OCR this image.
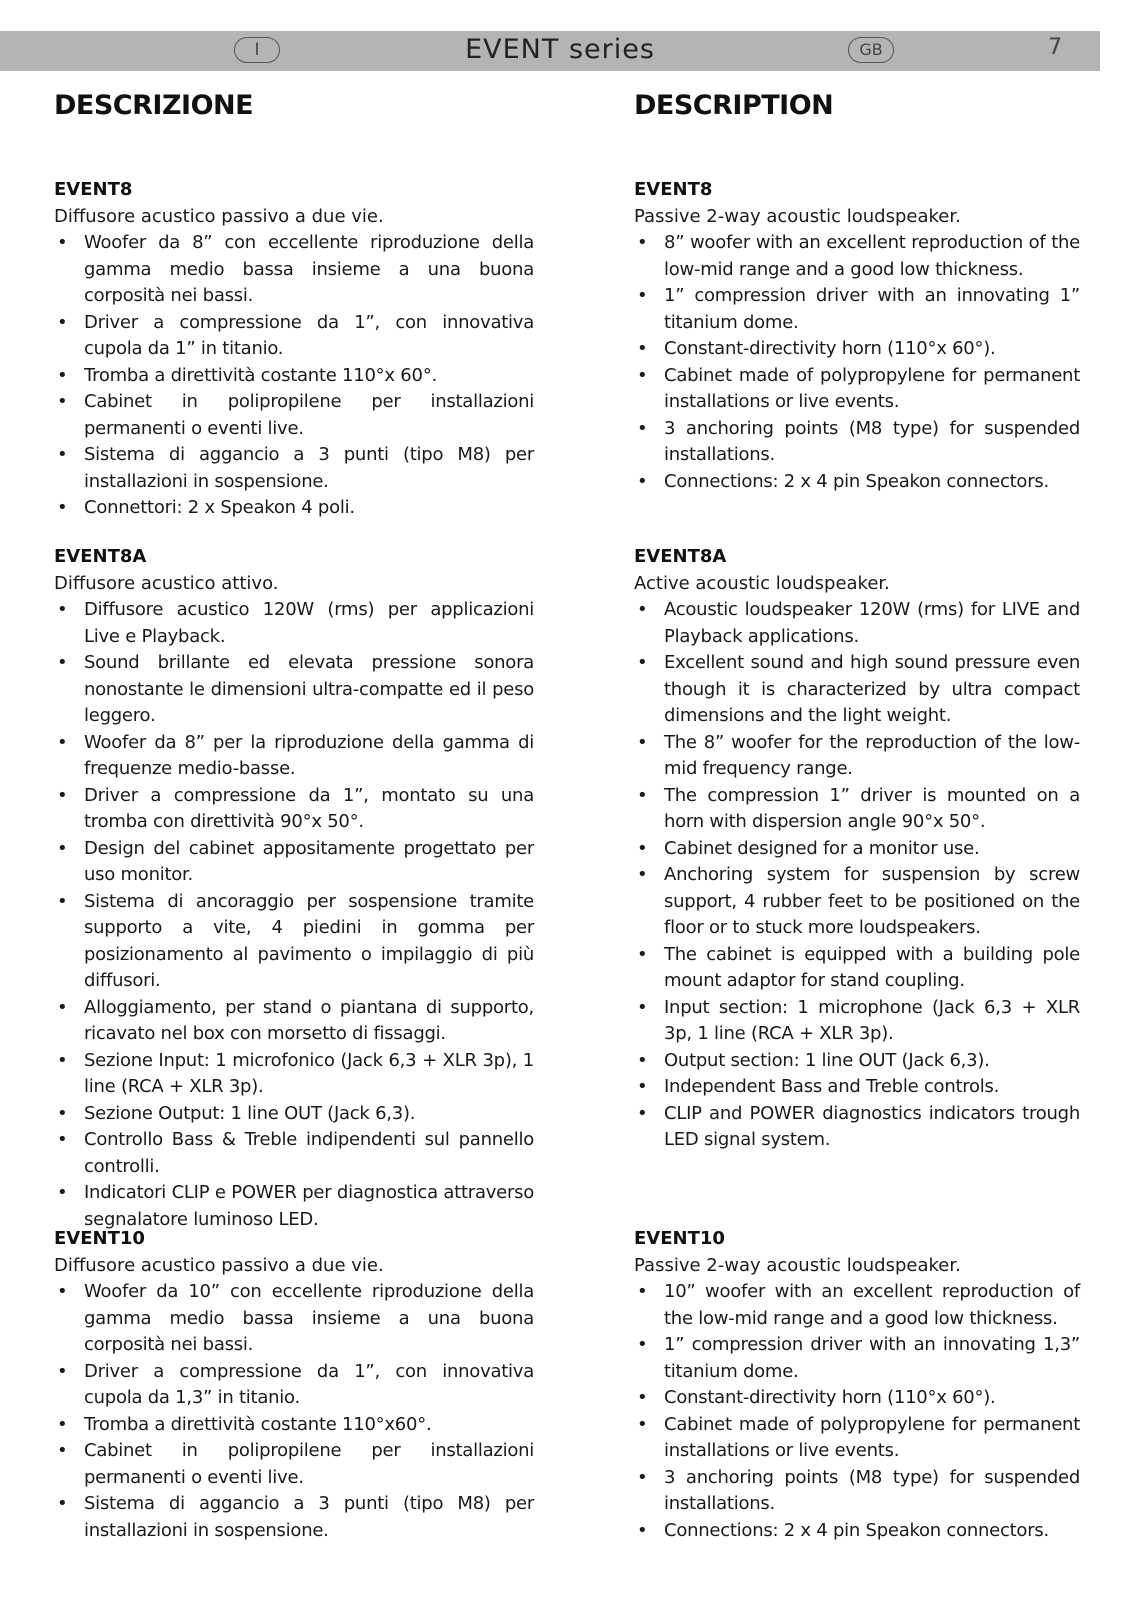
I	EVENT series	GB	7
DESCRIZIONE
EVENT8

Diffusore acustico passivo a due vie.

• Woofer da 8” con eccellente riproduzione della gamma medio bassa insieme a una buona corposità nei bassi.
• Driver a compressione da 1”, con innovativa cupola da 1” in titanio.
• Tromba a direttività costante 110°x 60°.
• Cabinet in polipropilene per installazioni permanenti o eventi live.
• Sistema di aggancio a 3 punti (tipo M8) per installazioni in sospensione.
• Connettori: 2 x Speakon 4 poli.
EVENT8A

Diffusore acustico attivo.

• Diffusore acustico 120W (rms) per applicazioni Live e Playback.
• Sound brillante ed elevata pressione sonora nonostante le dimensioni ultra-compatte ed il peso leggero.
• Woofer da 8” per la riproduzione della gamma di frequenze medio-basse.
• Driver a compressione da 1”, montato su una tromba con direttività 90°x 50°.
• Design del cabinet appositamente progettato per uso monitor.
• Sistema di ancoraggio per sospensione tramite supporto a vite, 4 piedini in gomma per posizionamento al pavimento o impilaggio di più diffusori.
• Alloggiamento, per stand o piantana di supporto, ricavato nel box con morsetto di fissaggi.
• Sezione Input: 1 microfonico (Jack 6,3 + XLR 3p), 1 line (RCA + XLR 3p).
• Sezione Output: 1 line OUT (Jack 6,3).
• Controllo Bass & Treble indipendenti sul pannello controlli.
• Indicatori CLIP e POWER per diagnostica attraverso segnalatore luminoso LED.
EVENT10

Diffusore acustico passivo a due vie.

• Woofer da 10” con eccellente riproduzione della gamma medio bassa insieme a una buona corposità nei bassi.
• Driver a compressione da 1”, con innovativa cupola da 1,3” in titanio.
• Tromba a direttività costante 110°x60°.
• Cabinet in polipropilene per installazioni permanenti o eventi live.
• Sistema di aggancio a 3 punti (tipo M8) per installazioni in sospensione.
DESCRIPTION
EVENT8

Passive 2-way acoustic loudspeaker.

• 8” woofer with an excellent reproduction of the low-mid range and a good low thickness.
• 1” compression driver with an innovating 1” titanium dome.
• Constant-directivity horn (110°x 60°).
• Cabinet made of polypropylene for permanent installations or live events.
• 3 anchoring points (M8 type) for suspended installations.
• Connections: 2 x 4 pin Speakon connectors.
EVENT8A

Active acoustic loudspeaker.

• Acoustic loudspeaker 120W (rms) for LIVE and Playback applications.
• Excellent sound and high sound pressure even though it is characterized by ultra compact dimensions and the light weight.
• The 8” woofer for the reproduction of the low-mid frequency range.
• The compression 1” driver is mounted on a horn with dispersion angle 90°x 50°.
• Cabinet designed for a monitor use.
• Anchoring system for suspension by screw support, 4 rubber feet to be positioned on the floor or to stuck more loudspeakers.
• The cabinet is equipped with a building pole mount adaptor for stand coupling.
• Input section: 1 microphone (Jack 6,3 + XLR 3p, 1 line (RCA + XLR 3p).
• Output section: 1 line OUT (Jack 6,3).
• Independent Bass and Treble controls.
• CLIP and POWER diagnostics indicators trough LED signal system.
EVENT10

Passive 2-way acoustic loudspeaker.

• 10” woofer with an excellent reproduction of the low-mid range and a good low thickness.
• 1” compression driver with an innovating 1,3” titanium dome.
• Constant-directivity horn (110°x 60°).
• Cabinet made of polypropylene for permanent installations or live events.
• 3 anchoring points (M8 type) for suspended installations.
• Connections: 2 x 4 pin Speakon connectors.
